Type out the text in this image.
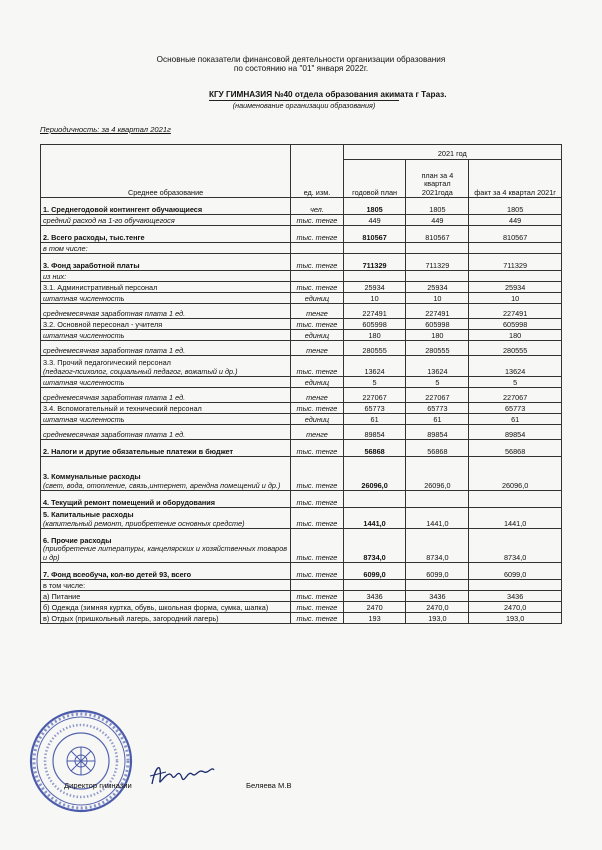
Основные показатели финансовой деятельности организации образования
по состоянию на "01" января 2022г.
КГУ ГИМНАЗИЯ №40 отдела образования акимата г Тараз.
(наименование организации образования)
Периодичность: за 4 квартал 2021г
Среднее образование	ед. изм.	2021 год		
		годовой план	план за 4 квартал 2021года	факт за 4 квартал 2021г

1. Среднегодовой контингент обучающиеся	чел.	1805	1805	1805

средний расход на 1-го обучающегося	тыс. тенге	449	449	449

2. Всего расходы, тыс.тенге	тыс. тенге	810567	810567	810567

в том числе:				

3. Фонд заработной платы	тыс. тенге	711329	711329	711329

из них:				

3.1. Административный персонал	тыс. тенге	25934	25934	25934

штатная численность	единиц	10	10	10

среднемесячная заработная плата 1 ед.	тенге	227491	227491	227491

3.2. Основной пересонал - учителя	тыс. тенге	605998	605998	605998

штатная численность	единиц	180	180	180

среднемесячная заработная плата 1 ед.	тенге	280555	280555	280555

3.3. Прочий педагогический персонал
(педагог-психолог, социальный педагог, вожатый и др.)	тыс. тенге	13624	13624	13624

штатная численность	единиц	5	5	5

среднемесячная заработная плата 1 ед.	тенге	227067	227067	227067

3.4. Вспомогательный и технический персонал	тыс. тенге	65773	65773	65773

штатная численность	единиц	61	61	61

среднемесячная заработная плата 1 ед.	тенге	89854	89854	89854

2. Налоги и другие обязательные платежи в бюджет	тыс. тенге	56868	56868	56868

3. Коммунальные расходы
(свет, вода, отопление, связь,интернет, арендна помещений и др.)	тыс. тенге	26096,0	26096,0	26096,0

4. Текущий ремонт помещений и оборудования	тыс. тенге			

5. Капитальные расходы
(капительный ремонт, приобретение основных средсте)	тыс. тенге	1441,0	1441,0	1441,0

6. Прочие расходы
(приобретение литературы, канцелярских и хозяйственных товаров и др)	тыс. тенге	8734,0	8734,0	8734,0

7. Фонд всеобуча, кол-во детей 93, всего	тыс. тенге	6099,0	6099,0	6099,0

в том числе:				

а) Питание	тыс. тенге	3436	3436	3436

б) Одежда (зимняя куртка, обувь, школьная форма, сумка, шапка)	тыс. тенге	2470	2470,0	2470,0

в) Отдых (пришкольный лагерь, загородний лагерь)	тыс. тенге	193	193,0	193,0
Директор гимназии	Беляева М.В
